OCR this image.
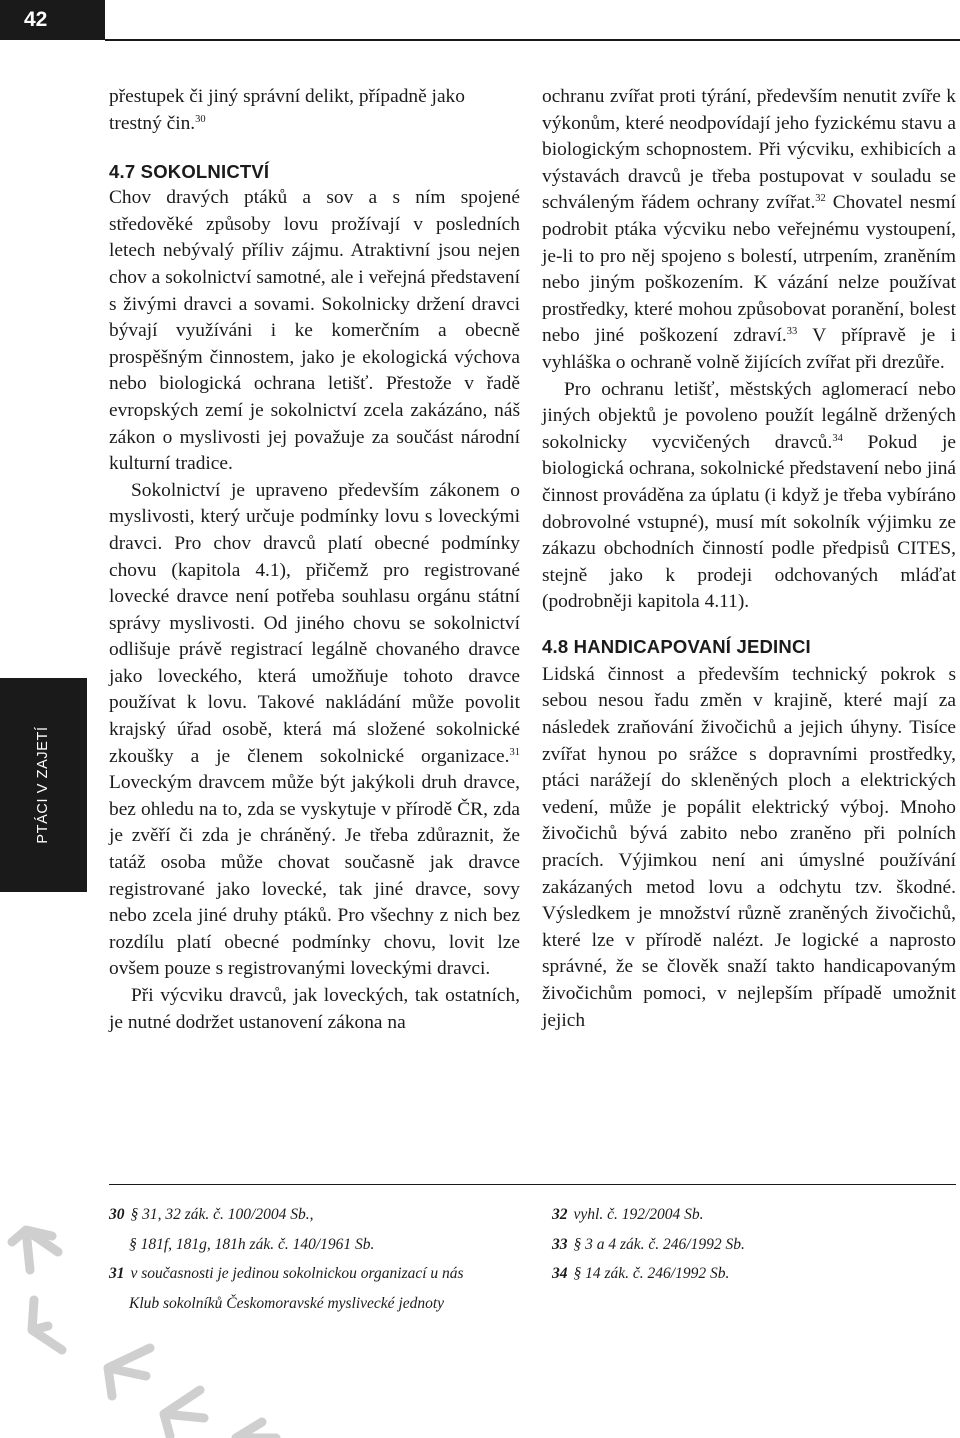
42

PTÁCI V ZAJETÍ

přestupek či jiný správní delikt, případně jako trestný čin.$^{30}$

4.7 SOKOLNICTVÍ

Chov dravých ptáků a sov a s ním spojené středověké způsoby lovu prožívají v posledních letech nebývalý příliv zájmu. Atraktivní jsou nejen chov a sokolnictví samotné, ale i veřejná představení s živými dravci a sovami. Sokolnicky držení dravci bývají využíváni i ke komerčním a obecně prospěšným činnostem, jako je ekologická výchova nebo biologická ochrana letišť. Přestože v řadě evropských zemí je sokolnictví zcela zakázáno, náš zákon o myslivosti jej považuje za součást národní kulturní tradice.

Sokolnictví je upraveno především zákonem o myslivosti, který určuje podmínky lovu s loveckými dravci. Pro chov dravců platí obecné podmínky chovu (kapitola 4.1), přičemž pro registrované lovecké dravce není potřeba souhlasu orgánu státní správy myslivosti. Od jiného chovu se sokolnictví odlišuje právě registrací legálně chovaného dravce jako loveckého, která umožňuje tohoto dravce používat k lovu. Takové nakládání může povolit krajský úřad osobě, která má složené sokolnické zkoušky a je členem sokolnické organizace.$^{31}$ Loveckým dravcem může být jakýkoli druh dravce, bez ohledu na to, zda se vyskytuje v přírodě ČR, zda je zvěří či zda je chráněný. Je třeba zdůraznit, že tatáž osoba může chovat současně jak dravce registrované jako lovecké, tak jiné dravce, sovy nebo zcela jiné druhy ptáků. Pro všechny z nich bez rozdílu platí obecné podmínky chovu, lovit lze ovšem pouze s registrovanými loveckými dravci.

Při výcviku dravců, jak loveckých, tak ostatních, je nutné dodržet ustanovení zákona na

ochranu zvířat proti týrání, především nenutit zvíře k výkonům, které neodpovídají jeho fyzickému stavu a biologickým schopnostem. Při výcviku, exhibicích a výstavách dravců je třeba postupovat v souladu se schváleným řádem ochrany zvířat.$^{32}$ Chovatel nesmí podrobit ptáka výcviku nebo veřejnému vystoupení, je-li to pro něj spojeno s bolestí, utrpením, zraněním nebo jiným poškozením. K vázání nelze používat prostředky, které mohou způsobovat poranění, bolest nebo jiné poškození zdraví.$^{33}$ V přípravě je i vyhláška o ochraně volně žijících zvířat při drezůře.

Pro ochranu letišť, městských aglomerací nebo jiných objektů je povoleno použít legálně držených sokolnicky vycvičených dravců.$^{34}$ Pokud je biologická ochrana, sokolnické představení nebo jiná činnost prováděna za úplatu (i když je třeba vybíráno dobrovolné vstupné), musí mít sokolník výjimku ze zákazu obchodních činností podle předpisů CITES, stejně jako k prodeji odchovaných mláďat (podrobněji kapitola 4.11).

4.8 HANDICAPOVANÍ JEDINCI

Lidská činnost a především technický pokrok s sebou nesou řadu změn v krajině, které mají za následek zraňování živočichů a jejich úhyny. Tisíce zvířat hynou po srážce s dopravními prostředky, ptáci narážejí do skleněných ploch a elektrických vedení, může je popálit elektrický výboj. Mnoho živočichů bývá zabito nebo zraněno při polních pracích. Výjimkou není ani úmyslné používání zakázaných metod lovu a odchytu tzv. škodné. Výsledkem je množství různě zraněných živočichů, které lze v přírodě nalézt. Je logické a naprosto správné, že se člověk snaží takto handicapovaným živočichům pomoci, v nejlepším případě umožnit jejich

30 § 31, 32 zák. č. 100/2004 Sb.,
§ 181f, 181g, 181h zák. č. 140/1961 Sb.
31 v současnosti je jedinou sokolnickou organizací u nás
Klub sokolníků Českomoravské myslivecké jednoty
32 vyhl. č. 192/2004 Sb.
33 § 3 a 4 zák. č. 246/1992 Sb.
34 § 14 zák. č. 246/1992 Sb.
